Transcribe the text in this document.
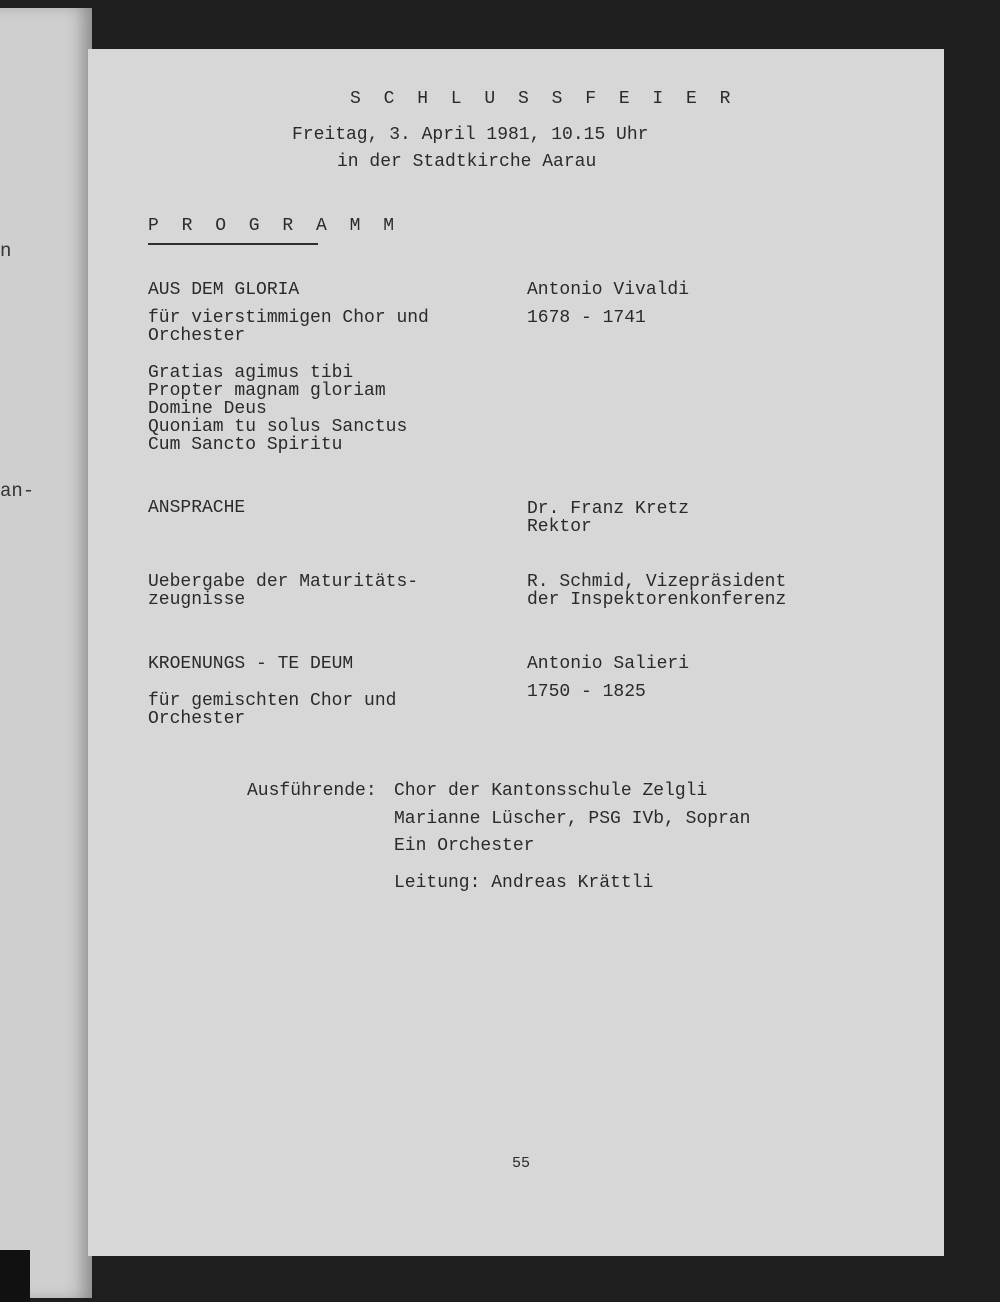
n
an-
S C H L U S S F E I E R
Freitag, 3. April 1981, 10.15 Uhr
in der Stadtkirche Aarau
P R O G R A M M
AUS DEM GLORIA
für vierstimmigen Chor und
Orchester
Gratias agimus tibi
Propter magnam gloriam
Domine Deus
Quoniam tu solus Sanctus
Cum Sancto Spiritu
Antonio Vivaldi
1678 - 1741
ANSPRACHE	Dr. Franz Kretz
Rektor
Uebergabe der Maturitäts-
zeugnisse
R. Schmid, Vizepräsident
der Inspektorenkonferenz
KROENUNGS - TE DEUM
für gemischten Chor und
Orchester
Antonio Salieri
1750 - 1825
Ausführende: Chor der Kantonsschule Zelgli
Marianne Lüscher, PSG IVb, Sopran
Ein Orchester
Leitung: Andreas Krättli
55
